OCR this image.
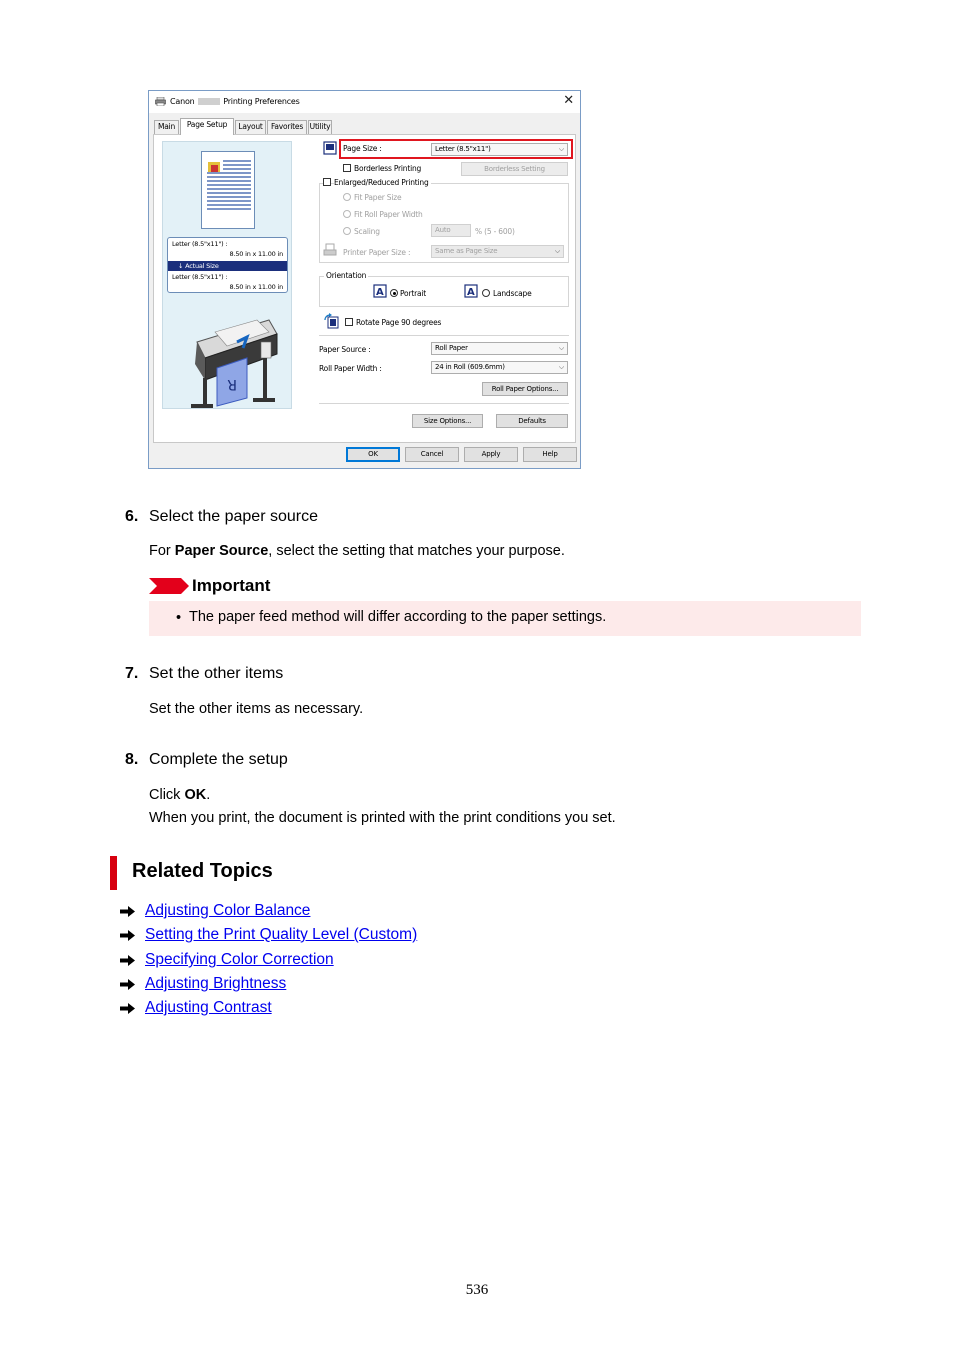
Canon	Printing Preferences	✕
Main	Page Setup	Layout	Favorites Utility
Letter (8.5"x11") :
8.50 in x 11.00 in
↓ Actual Size
Letter (8.5"x11") :
8.50 in x 11.00 in
R
Page Size :	Letter (8.5"x11")	⌵
Borderless Printing	Borderless Setting
Enlarged/Reduced Printing
Fit Paper Size
Fit Roll Paper Width
Scaling	Auto	% (5 - 600)
Printer Paper Size :	Same as Page Size	⌵
Orientation
A Portrait	A Landscape
Rotate Page 90 degrees
Paper Source :	Roll Paper	⌵
Roll Paper Width :	24 in Roll (609.6mm)	⌵
Roll Paper Options...
Size Options...	Defaults
OK	Cancel	Apply	Help
6. Select the paper source
For Paper Source, select the setting that matches your purpose.
Important
• The paper feed method will differ according to the paper settings.
7. Set the other items
Set the other items as necessary.
8. Complete the setup
Click OK.
When you print, the document is printed with the print conditions you set.
Related Topics
Adjusting Color Balance
Setting the Print Quality Level (Custom)
Specifying Color Correction
Adjusting Brightness
Adjusting Contrast
536
